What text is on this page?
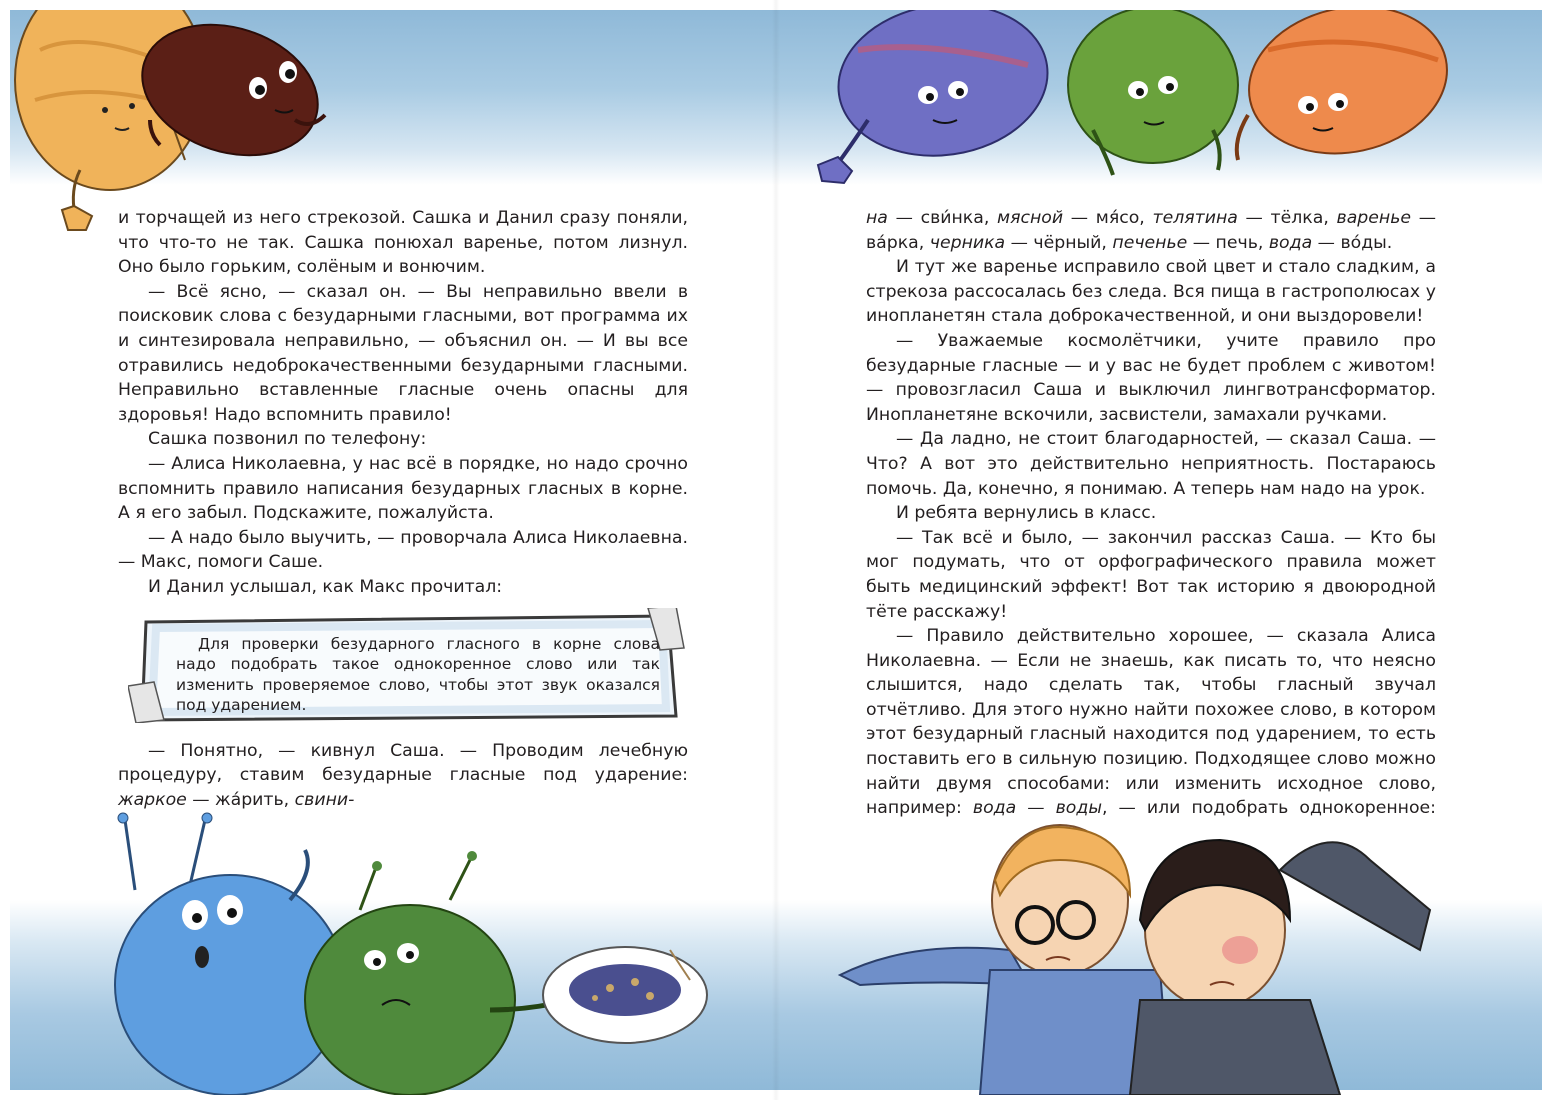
и торчащей из него стрекозой. Сашка и Данил сразу поняли, что что-то не так. Сашка понюхал варенье, потом лизнул. Оно было горьким, солёным и вонючим.

— Всё ясно, — сказал он. — Вы неправильно ввели в поисковик слова с безударными гласными, вот программа их и синтезировала неправильно, — объяснил он. — И вы все отравились недоброкачественными безударными гласными. Неправильно вставленные гласные очень опасны для здоровья! Надо вспомнить правило!

Сашка позвонил по телефону:

— Алиса Николаевна, у нас всё в порядке, но надо срочно вспомнить правило написания безударных гласных в корне. А я его забыл. Подскажите, пожалуйста.

— А надо было выучить, — проворчала Алиса Николаевна. — Макс, помоги Саше.

И Данил услышал, как Макс прочитал:

Для проверки безударного гласного в корне слова надо подобрать такое однокоренное слово или так изменить проверяемое слово, чтобы этот звук оказался под ударением.

— Понятно, — кивнул Саша. — Проводим лечебную процедуру, ставим безударные гласные под ударение: жаркое — жа́рить, свини-

на — сви́нка, мясной — мя́со, телятина — тёлка, варенье — ва́рка, черника — чёрный, печенье — печь, вода — во́ды.

И тут же варенье исправило свой цвет и стало сладким, а стрекоза рассосалась без следа. Вся пища в гастрополюсах у инопланетян стала доброкачественной, и они выздоровели!

— Уважаемые космолётчики, учите правило про безударные гласные — и у вас не будет проблем с животом! — провозгласил Саша и выключил лингвотрансформатор. Инопланетяне вскочили, засвистели, замахали ручками.

— Да ладно, не стоит благодарностей, — сказал Саша. — Что? А вот это действительно неприятность. Постараюсь помочь. Да, конечно, я понимаю. А теперь нам надо на урок.

И ребята вернулись в класс.

— Так всё и было, — закончил рассказ Саша. — Кто бы мог подумать, что от орфографического правила может быть медицинский эффект! Вот так историю я двоюродной тёте расскажу!

— Правило действительно хорошее, — сказала Алиса Николаевна. — Если не знаешь, как писать то, что неясно слышится, надо сделать так, чтобы гласный звучал отчётливо. Для этого нужно найти похожее слово, в котором этот безударный гласный находится под ударением, то есть поставить его в сильную позицию. Подходящее слово можно найти двумя способами: или изменить исходное слово, например: вода — воды, — или подобрать однокоренное:
